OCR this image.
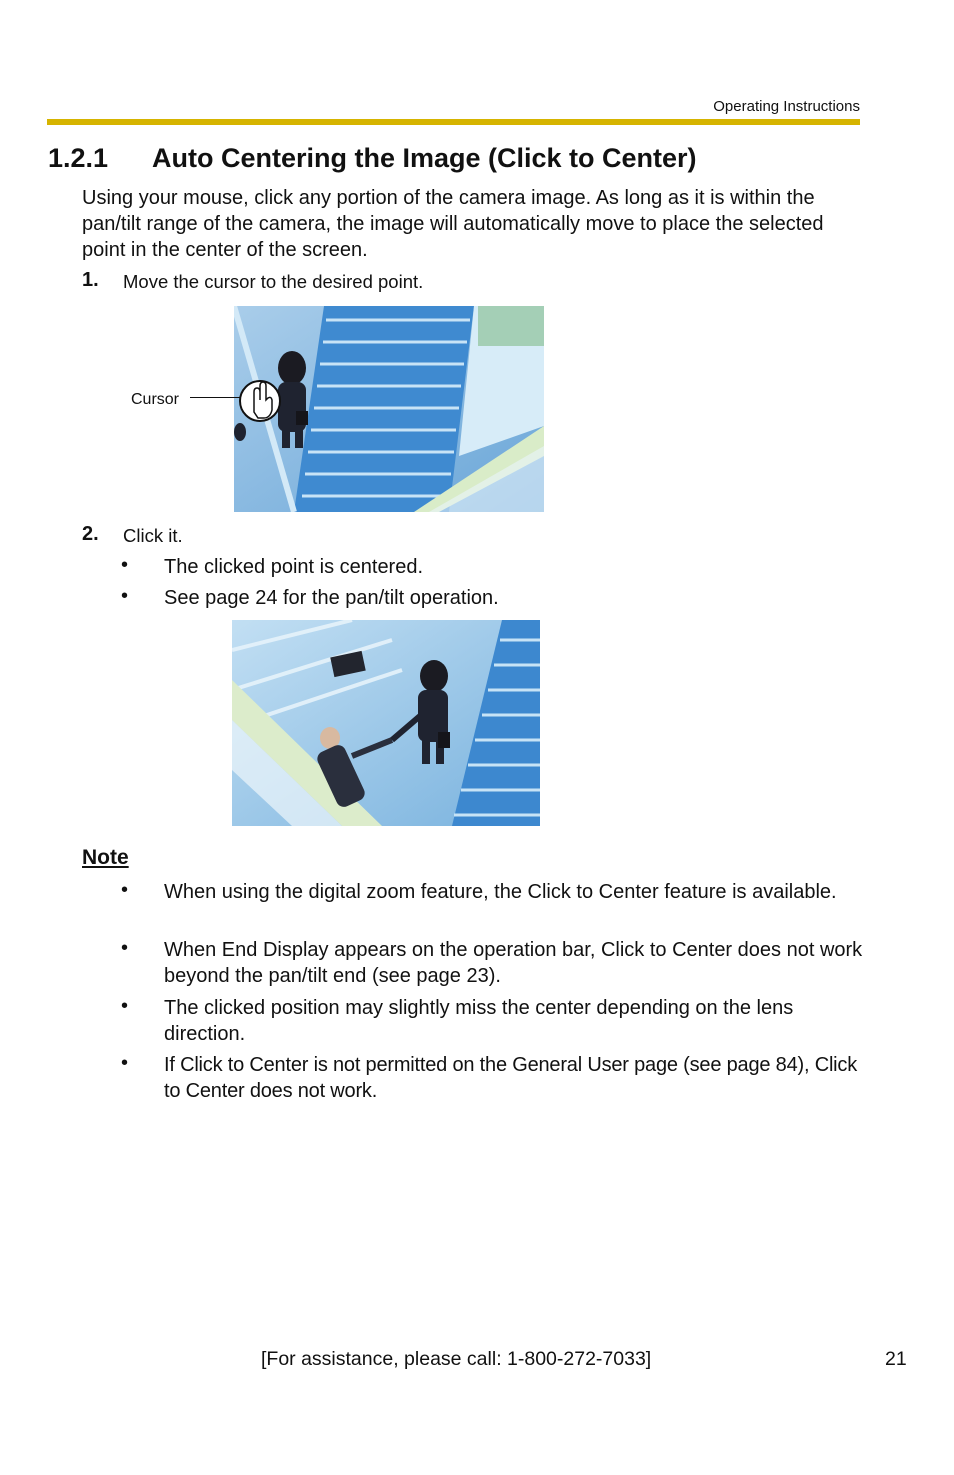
Operating Instructions
1.2.1 Auto Centering the Image (Click to Center)
Using your mouse, click any portion of the camera image. As long as it is within the pan/tilt range of the camera, the image will automatically move to place the selected point in the center of the screen.
1. Move the cursor to the desired point.
Cursor
2. Click it.
• The clicked point is centered.
• See page 24 for the pan/tilt operation.
Note
• When using the digital zoom feature, the Click to Center feature is available.
• When End Display appears on the operation bar, Click to Center does not work beyond the pan/tilt end (see page 23).
• The clicked position may slightly miss the center depending on the lens direction.
• If Click to Center is not permitted on the General User page (see page 84), Click to Center does not work.
[For assistance, please call: 1-800-272-7033]	21
